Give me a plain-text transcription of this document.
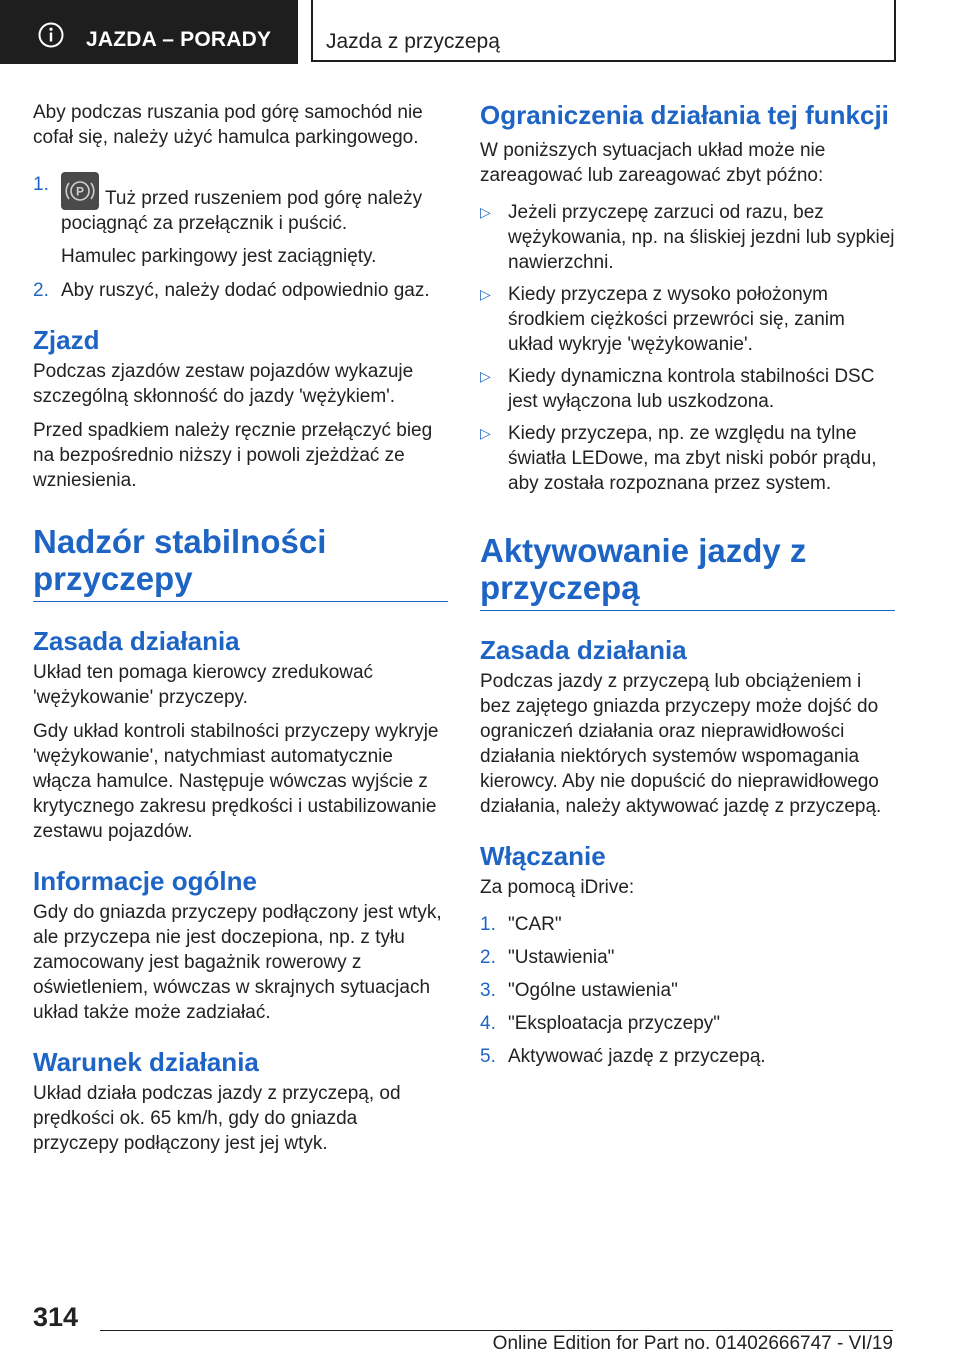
JAZDA – PORADY	Jazda z przyczepą

Aby podczas ruszania pod górę samochód nie cofał się, należy użyć hamulca parkingowego.

1.	P Tuż przed ruszeniem pod górę należy pociągnąć za przełącznik i puścić.
Hamulec parkingowy jest zaciągnięty.
2. Aby ruszyć, należy dodać odpowiednio gaz.
Zjazd

Podczas zjazdów zestaw pojazdów wykazuje szczególną skłonność do jazdy 'wężykiem'.

Przed spadkiem należy ręcznie przełączyć bieg na bezpośrednio niższy i powoli zjeżdżać ze wzniesienia.

Nadzór stabilności przyczepy
Zasada działania

Układ ten pomaga kierowcy zredukować 'wężykowanie' przyczepy.

Gdy układ kontroli stabilności przyczepy wykryje 'wężykowanie', natychmiast automatycznie włącza hamulce. Następuje wówczas wyjście z krytycznego zakresu prędkości i ustabilizowanie zestawu pojazdów.

Informacje ogólne

Gdy do gniazda przyczepy podłączony jest wtyk, ale przyczepa nie jest doczepiona, np. z tyłu zamocowany jest bagażnik rowerowy z oświetleniem, wówczas w skrajnych sytuacjach układ także może zadziałać.

Warunek działania

Układ działa podczas jazdy z przyczepą, od prędkości ok. 65 km/h, gdy do gniazda przyczepy podłączony jest jej wtyk.

Ograniczenia działania tej funkcji

W poniższych sytuacjach układ może nie zareagować lub zareagować zbyt późno:

▷ Jeżeli przyczepę zarzuci od razu, bez wężykowania, np. na śliskiej jezdni lub sypkiej nawierzchni.
▷ Kiedy przyczepa z wysoko położonym środkiem ciężkości przewróci się, zanim układ wykryje 'wężykowanie'.
▷ Kiedy dynamiczna kontrola stabilności DSC jest wyłączona lub uszkodzona.
▷ Kiedy przyczepa, np. ze względu na tylne światła LEDowe, ma zbyt niski pobór prądu, aby została rozpoznana przez system.
Aktywowanie jazdy z przyczepą
Zasada działania

Podczas jazdy z przyczepą lub obciążeniem i bez zajętego gniazda przyczepy może dojść do ograniczeń działania oraz nieprawidłowości działania niektórych systemów wspomagania kierowcy. Aby nie dopuścić do nieprawidłowego działania, należy aktywować jazdę z przyczepą.

Włączanie

Za pomocą iDrive:

1. "CAR"
2. "Ustawienia"
3. "Ogólne ustawienia"
4. "Eksploatacja przyczepy"
5. Aktywować jazdę z przyczepą.
314
Online Edition for Part no. 01402666747 - VI/19
